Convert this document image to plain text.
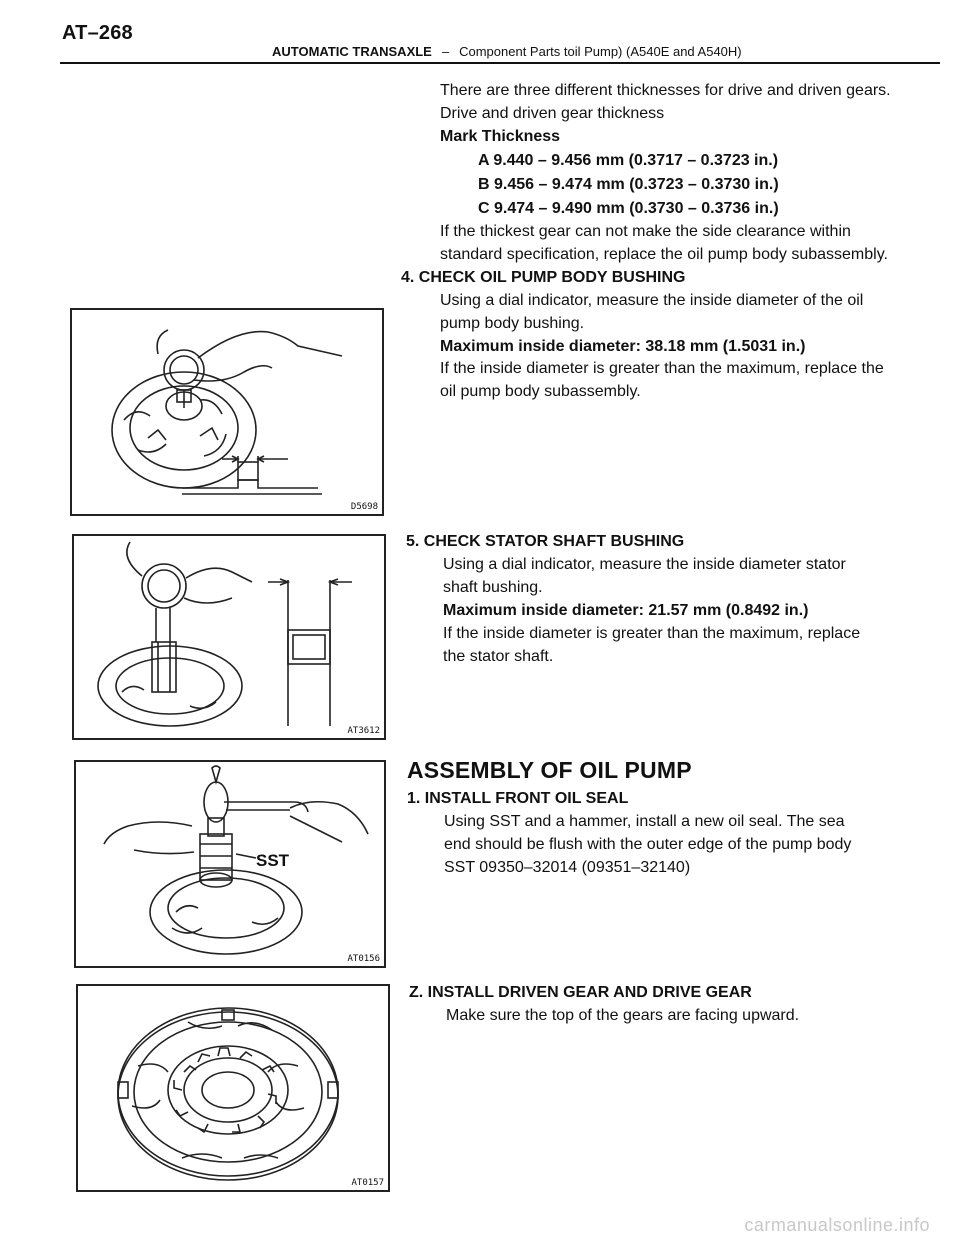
AT–268
AUTOMATIC TRANSAXLE – Component Parts toil Pump) (A540E and A540H)
There are three different thicknesses for drive and driven gears.
Drive and driven gear thickness
Mark Thickness
A 9.440 – 9.456 mm (0.3717 – 0.3723 in.)
B 9.456 – 9.474 mm (0.3723 – 0.3730 in.)
C 9.474 – 9.490 mm (0.3730 – 0.3736 in.)
If the thickest gear can not make the side clearance within
standard specification, replace the oil pump body subassembly.
4. CHECK OIL PUMP BODY BUSHING
Using a dial indicator, measure the inside diameter of the oil
pump body bushing.
Maximum inside diameter: 38.18 mm (1.5031 in.)
If the inside diameter is greater than the maximum, replace the
oil pump body subassembly.
D5698
5. CHECK STATOR SHAFT BUSHING
Using a dial indicator, measure the inside diameter stator
shaft bushing.
Maximum inside diameter: 21.57 mm (0.8492 in.)
If the inside diameter is greater than the maximum, replace
the stator shaft.
AT3612
ASSEMBLY OF OIL PUMP
1. INSTALL FRONT OIL SEAL
Using SST and a hammer, install a new oil seal. The sea
end should be flush with the outer edge of the pump body
SST 09350–32014 (09351–32140)
SST
AT0156
Z. INSTALL DRIVEN GEAR AND DRIVE GEAR
Make sure the top of the gears are facing upward.
AT0157
carmanualsonline.info
